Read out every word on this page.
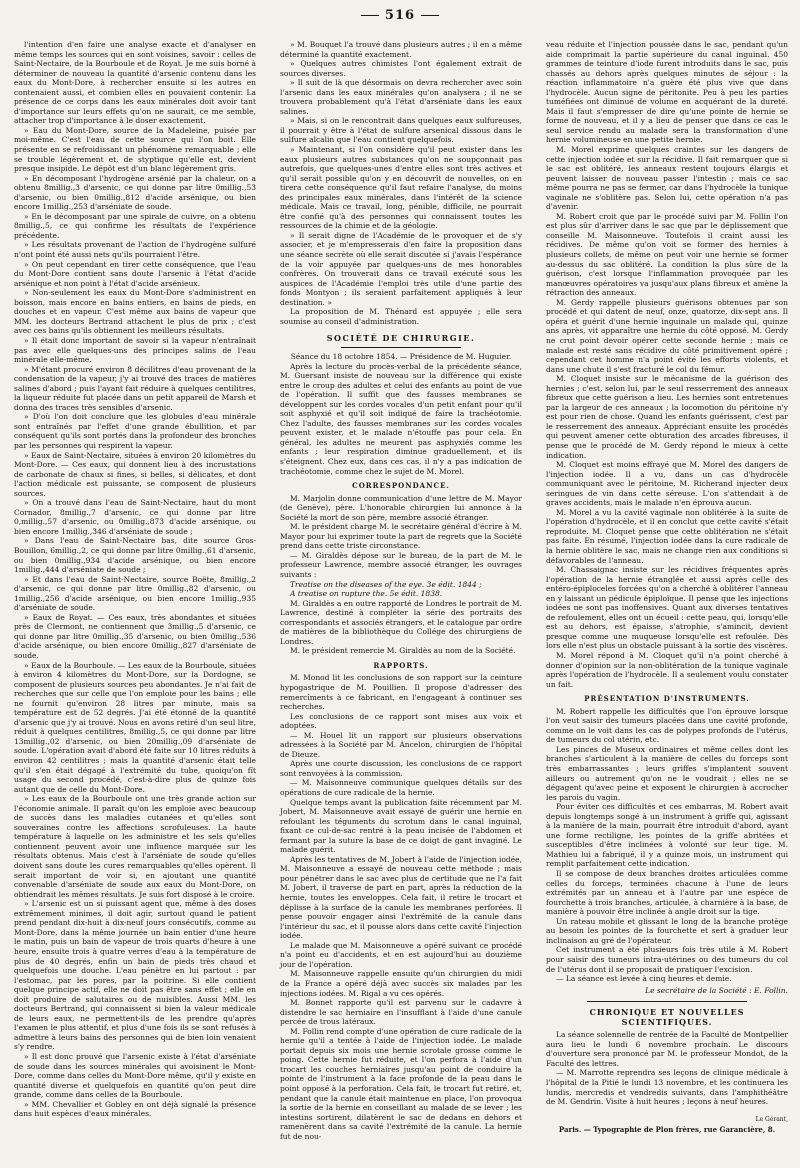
516

l'intention d'en faire une analyse exacte et d'analyser en même temps les sources qui en sont voisines, savoir : celles de Saint-Nectaire, de la Bourboule et de Royat. Je me suis borné à déterminer de nouveau la quantité d'arsenic contenu dans les eaux du Mont-Dore, à rechercher ensuite si les autres en contenaient aussi, et combien elles en pouvaient contenir. La présence de ce corps dans les eaux minérales doit avoir tant d'importance sur leurs effets qu'on ne saurait, ce me semble, attacher trop d'importance à le doser exactement.

» Eau du Mont-Dore, source de la Madeleine, puisée par moi-même. C'est l'eau de cette source qui l'on boit. Elle présente en se refroidissant un phénomène remarquable ; elle se trouble légèrement et, de styptique qu'elle est, devient presque insipide. Le dépôt est d'un blanc légèrement gris.

» En décomposant l'hydrogène arsénié par la chaleur, on a obtenu 8millig.,3 d'arsenic, ce qui donne par litre 0millig.,53 d'arsenic, ou bien 0millig.,812 d'acide arsénique, ou bien encore 1millig.,253 d'arséniate de soude.

» En le décomposant par une spirale de cuivre, on a obtenu 8millig.,5, ce qui confirme les résultats de l'expérience précédente.

» Les résultats provenant de l'action de l'hydrogène sulfuré n'ont point été aussi nets qu'ils pourraient l'être.

» On peut cependant en tirer cette conséquence, que l'eau du Mont-Dore contient sans doute l'arsenic à l'état d'acide arsénique et non point à l'état d'acide arsénieux.

» Non-seulement les eaux du Mont-Dore s'administrent en boisson, mais encore en bains entiers, en bains de pieds, en douches et en vapeur. C'est même aux bains de vapeur que MM. les docteurs Bertrand attachent le plus de prix ; c'est avec ces bains qu'ils obtiennent les meilleurs résultats.

» Il était donc important de savoir si la vapeur n'entraînait pas avec elle quelques-uns des principes salins de l'eau minérale elle-même.

» M'étant procuré environ 8 décilitres d'eau provenant de la condensation de la vapeur, j'y ai trouvé des traces de matières salines d'abord ; puis l'ayant fait réduire à quelques centilitres, la liqueur réduite fut placée dans un petit appareil de Marsh et donna des traces très sensibles d'arsenic.

» D'où l'on doit conclure que les globules d'eau minérale sont entraînés par l'effet d'une grande ébullition, et par conséquent qu'ils sont portés dans la profondeur des bronches par les personnes qui respirent la vapeur.

» Eaux de Saint-Nectaire, situées à environ 20 kilomètres du Mont-Dore. — Ces eaux, qui donnent lieu à des incrustations de carbonate de chaux si fines, si belles, si délicates, et dont l'action médicale est puissante, se composent de plusieurs sources.

» On a trouvé dans l'eau de Saint-Nectaire, haut du mont Cornador, 8millig.,7 d'arsenic, ce qui donne par litre 0,millig.,57 d'arsenic, ou 0millig.,873 d'acide arsénique, ou bien encore 1millig.,346 d'arséniate de soude ;

» Dans l'eau de Saint-Nectaire bas, dite source Gros-Bouillon, 6millig.,2, ce qui donne par litre 0millig.,61 d'arsenic, ou bien 0millig.,934 d'acide arsénique, ou bien encore 1millig.,444 d'arséniate de soude ;

» Et dans l'eau de Saint-Nectaire, source Boëte, 8millig.,2 d'arsenic, ce qui donne par litre 0millig.,82 d'arsenic, ou 1millig.,256 d'acide arsénique, ou bien encore 1millig.,935 d'arséniate de soude.

» Eaux de Royat. — Ces eaux, très abondantes et situées près de Clermont, ne contiennent que 3millig.,5 d'arsenic, ce qui donne par litre 0millig.,35 d'arsenic, ou bien 0millig.,536 d'acide arsénique, ou bien encore 0millig.,827 d'arséniate de soude.

» Eaux de la Bourboule. — Les eaux de la Bourboule, situées à environ 4 kilomètres du Mont-Dore, sur la Dordogne, se composent de plusieurs sources peu abondantes. Je n'ai fait de recherches que sur celle que l'on emploie pour les bains ; elle ne fournit qu'environ 28 litres par minute, mais sa température est de 52 degrés. J'ai été étonné de la quantité d'arsenic que j'y ai trouvé. Nous en avons retiré d'un seul litre, réduit à quelques centilitres, 8millig.,5, ce qui donne par litre 13millig.,02 d'arsenic, ou bien 20millig.,09 d'arséniate de soude. L'opération avait d'abord été faite sur 10 litres réduits à environ 42 centilitres ; mais la quantité d'arsenic était telle qu'il s'en était dégagé à l'extrémité du tube, quoiqu'on fît usage du second procédé, c'est-à-dire plus de quinze fois autant que de celle du Mont-Dore.

» Les eaux de la Bourboule ont une très grande action sur l'économie animale. Il paraît qu'on les emploie avec beaucoup de succès dans les maladies cutanées et qu'elles sont souveraines contre les affections scrofuleuses. La haute température à laquelle on les administre et les sels qu'elles contiennent peuvent avoir une influence marquée sur les résultats obtenus. Mais c'est à l'arséniate de soude qu'elles doivent sans doute les cures remarquables qu'elles opèrent. Il serait important de voir si, en ajoutant une quantité convenable d'arséniate de soude aux eaux du Mont-Dore, on obtiendrait les mêmes résultats. Je suis fort disposé à le croire.

» L'arsenic est un si puissant agent que, même à des doses extrêmement minimes, il doit agir, surtout quand le patient prend pendant dix-huit à dix-neuf jours consécutifs, comme au Mont-Dore, dans la même journée un bain entier d'une heure le matin, puis un bain de vapeur de trois quarts d'heure à une heure, ensuite trois à quatre verres d'eau à la température de plus de 40 degrés, enfin un bain de pieds très chaud et quelquefois une douche. L'eau pénètre en lui partout : par l'estomac, par les pores, par la poitrine. Si elle contient quelque principe actif, elle ne doit pas être sans effet ; elle en doit produire de salutaires ou de nuisibles. Aussi MM. les docteurs Bertrand, qui connaissent si bien la valeur médicale de leurs eaux, ne permettent-ils de les prendre qu'après l'examen le plus attentif, et plus d'une fois ils se sont refusés à admettre à leurs bains des personnes qui de bien loin venaient s'y rendre.

» Il est donc prouvé que l'arsenic existe à l'état d'arséniate de soude dans les sources minérales qui avoisinent le Mont-Dore, comme dans celles du Mont-Dore même, qu'il y existe en quantité diverse et quelquefois en quantité qu'on peut dire grande, comme dans celles de la Bourboule.

» MM. Chevallier et Gobley en ont déjà signalé la présence dans huit espèces d'eaux minérales.

» M. Bouquet l'a trouvé dans plusieurs autres ; il en a même déterminé la quantité exactement.

» Quelques autres chimistes l'ont également extrait de sources diverses.

» Il suit de là que désormais on devra rechercher avec soin l'arsenic dans les eaux minérales qu'on analysera ; il ne se trouvera probablement qu'à l'état d'arséniate dans les eaux salines.

» Mais, si on le rencontrait dans quelques eaux sulfureuses, il pourrait y être à l'état de sulfure arsenical dissous dans le sulfure alcalin que l'eau contient quelquefois.

» Maintenant, si l'on considère qu'il peut exister dans les eaux plusieurs autres substances qu'on ne soupçonnait pas autrefois, que quelques-unes d'entre elles sont très actives et qu'il serait possible qu'on y en découvrît de nouvelles, on en tirera cette conséquence qu'il faut refaire l'analyse, du moins des principales eaux minérales, dans l'intérêt de la science médicale. Mais ce travail, long, pénible, difficile, ne pourrait être confié qu'à des personnes qui connaissent toutes les ressources de la chimie et de la géologie.

» Il serait digne de l'Académie de le provoquer et de s'y associer, et je m'empresserais d'en faire la proposition dans une séance secrète où elle serait discutée si j'avais l'espérance de la voir appuyée par quelques-uns de mes honorables confrères. On trouverait dans ce travail exécuté sous les auspices de l'Académie l'emploi très utile d'une partie des fonds Montyon ; ils seraient parfaitement appliqués à leur destination. »

La proposition de M. Thénard est appuyée ; elle sera soumise au conseil d'administration.

SOCIÉTÉ DE CHIRURGIE.
Séance du 18 octobre 1854. — Présidence de M. Huguier.

Après la lecture du procès-verbal de la précédente séance, M. Guersant insiste de nouveau sur la différence qui existe entre le croup des adultes et celui des enfants au point de vue de l'opération. Il suffit que des fausses membranes se développent sur les cordes vocales d'un petit enfant pour qu'il soit asphyxié et qu'il soit indiqué de faire la trachéotomie. Chez l'adulte, des fausses membranes sur les cordes vocales peuvent exister, et le malade n'étouffe pas pour cela. En général, les adultes ne meurent pas asphyxiés comme les enfants ; leur respiration diminue graduellement, et ils s'éteignent. Chez eux, dans ces cas, il n'y a pas indication de trachéotomie, comme chez le sujet de M. Morel.

CORRESPONDANCE.

M. Marjolin donne communication d'une lettre de M. Mayor (de Genève), père. L'honorable chirurgien lui annonce à la Société la mort de son père, membre associé étranger.

M. le président charge M. le secrétaire général d'écrire à M. Mayor pour lui exprimer toute la part de regrets que la Société prend dans cette triste circonstance.

— M. Giraldès dépose sur le bureau, de la part de M. le professeur Lawrence, membre associé étranger, les ouvrages suivants :

Treatise on the diseases of the eye. 3e édit. 1844 ;

A treatise on rupture the. 5e édit. 1838.

M. Giraldès a en outre rapporté de Londres le portrait de M. Lawrence, destiné à compléter la série des portraits des correspondants et associés étrangers, et le catalogue par ordre de matières de la bibliothèque du Collége des chirurgiens de Londres.

M. le président remercie M. Giraldès au nom de la Société.

RAPPORTS.

M. Monod lit les conclusions de son rapport sur la ceinture hypogastrique de M. Pouillien. Il propose d'adresser des remercîments à ce fabricant, en l'engageant à continuer ses recherches.

Les conclusions de ce rapport sont mises aux voix et adoptées.

— M. Houel lit un rapport sur plusieurs observations adressées à la Société par M. Ancelon, chirurgien de l'hôpital de Dieuze.

Après une courte discussion, les conclusions de ce rapport sont renvoyées à la commission.

— M. Maisonneuve communique quelques détails sur des opérations de cure radicale de la hernie.

Quelque temps avant la publication faite récemment par M. Jobert, M. Maisonneuve avait essayé de guérir une hernie en refoulant les téguments du scrotum dans le canal inguinal, fixant ce cul-de-sac rentré à la peau incisée de l'abdomen et fermant par la suture la base de ce doigt de gant invaginé. Le malade guérit.

Après les tentatives de M. Jobert à l'aide de l'injection iodée, M. Maisonneuve a essayé de nouveau cette méthode ; mais pour pénétrer dans le sac avec plus de certitude que ne l'a fait M. Jobert, il traverse de part en part, après la réduction de la hernie, toutes les enveloppes. Cela fait, il retire le trocart et déplisse à la surface de la canule les membranes perforées. Il pense pouvoir engager ainsi l'extrémité de la canule dans l'intérieur du sac, et il pousse alors dans cette cavité l'injection iodée.

Le malade que M. Maisonneuve a opéré suivant ce procédé n'a point eu d'accidents, et en est aujourd'hui au douzième jour de l'opération.

M. Maisonneuve rappelle ensuite qu'un chirurgien du midi de la France a opéré déjà avec succès six malades par les injections iodées. M. Rigal a vu ces opérés.

M. Bonnet rapporte qu'il est parvenu sur le cadavre à distendre le sac herniaire en l'insufflant à l'aide d'une canule percée de trous latéraux.

M. Follin rend compte d'une opération de cure radicale de la hernie qu'il a tentée à l'aide de l'injection iodée. Le malade portait depuis six mois une hernie scrotale grosse comme le poing. Cette hernie fut réduite, et l'on perfora à l'aide d'un trocart les couches herniaires jusqu'au point de conduire la pointe de l'instrument à la face profonde de la peau dans le point opposé à la perforation. Cela fait, le trocart fut retiré, et, pendant que la canule était maintenue en place, l'on provoqua la sortie de la hernie en conseillant au malade de se lever ; les intestins sortirent, dilatèrent le sac de dedans en dehors et ramenèrent dans sa cavité l'extrémité de la canule. La hernie fut de nou-

veau réduite et l'injection poussée dans le sac, pendant qu'un aide comprimait la partie supérieure du canal inguinal. 450 grammes de teinture d'iode furent introduits dans le sac, puis chassés au dehors après quelques minutes de séjour : la réaction inflammatoire n'a guère été plus vive que dans l'hydrocèle. Aucun signe de péritonite. Peu à peu les parties tuméfiées ont diminué de volume en acquérant de la dureté. Mais il faut s'empresser de dire qu'une pointe de hernie se forme de nouveau, et il y a lieu de penser que dans ce cas le seul service rendu au malade sera la transformation d'une hernie volumineuse en une petite hernie.

M. Morel exprime quelques craintes sur les dangers de cette injection iodée et sur la récidive. Il fait remarquer que si le sac est oblitéré, les anneaux restent toujours élargis et peuvent laisser de nouveau passer l'intestin ; mais ce sac même pourra ne pas se fermer, car dans l'hydrocèle la tunique vaginale ne s'oblitère pas. Selon lui, cette opération n'a pas d'avenir.

M. Robert croit que par le procédé suivi par M. Follin l'on est plus sûr d'arriver dans le sac que par le déplissement que conseille M. Maisonneuve. Toutefois il craint aussi les récidives. De même qu'on voit se former des hernies à plusieurs collets, de même on peut voir une hernie se former au-dessus du sac oblitéré. La condition la plus sûre de la guérison, c'est lorsque l'inflammation provoquée par les manœuvres opératoires va jusqu'aux plans fibreux et amène la rétraction des anneaux.

M. Gerdy rappelle plusieurs guérisons obtenues par son procédé et qui datent de neuf, onze, quatorze, dix-sept ans. Il opéra et guérit d'une hernie inguinale un malade qui, quinze ans après, vit apparaître une hernie du côté opposé. M. Gerdy ne crut point devoir opérer cette seconde hernie ; mais ce malade est resté sans récidive du côté primitivement opéré ; cependant cet homme n'a point évité les efforts violents, et dans une chute il s'est fracturé le col du fémur.

M. Cloquet insiste sur le mécanisme de la guérison des hernies ; c'est, selon lui, par le seul resserrement des anneaux fibreux que cette guérison a lieu. Les hernies sont entretenues par la largeur de ces anneaux ; la locomotion du péritoine n'y est pour rien de chose. Quand les enfants guérissent, c'est par le resserrement des anneaux. Appréciant ensuite les procédés qui peuvent amener cette obturation des arcades fibreuses, il pense que le procédé de M. Gerdy répond le mieux à cette indication.

M. Cloquet est moins effrayé que M. Morel des dangers de l'injection iodée. Il a vu, dans un cas d'hydrocèle communiquant avec le péritoine, M. Richerand injecter deux seringues de vin dans cette séreuse. L'on s'attendait à de graves accidents, mais le malade n'en éprouva aucun.

M. Morel a vu la cavité vaginale non oblitérée à la suite de l'opération d'hydrocèle, et il en conclut que cette cavité s'était reproduite. M. Cloquet pense que cette oblitération ne s'était pas faite. En résumé, l'injection iodée dans la cure radicale de la hernie oblitère le sac, mais ne change rien aux conditions si défavorables de l'anneau.

M. Chassaignac insiste sur les récidives fréquentes après l'opération de la hernie étranglée et aussi après celle des entéro-épiploceles forcées qu'on a cherché à oblitérer l'anneau en y laissant un pédicule épiploïque. Il pense que les injections iodées ne sont pas inoffensives. Quant aux diverses tentatives de refoulement, elles ont un écueil : cette peau, qui, lorsqu'elle est au dehors, est épaisse, s'atrophie, s'amincit, devient presque comme une muqueuse lorsqu'elle est refoulée. Dès lors elle n'est plus un obstacle puissant à la sortie des viscères.

M. Morel répond à M. Cloquet qu'il n'a point cherché à donner d'opinion sur la non-oblitération de la tunique vaginale après l'opération de l'hydrocèle. Il a seulement voulu constater un fait.

PRÉSENTATION D'INSTRUMENTS.

M. Robert rappelle les difficultés que l'on éprouve lorsque l'on veut saisir des tumeurs placées dans une cavité profonde, comme on le voit dans les cas de polypes profonds de l'utérus, de tumeurs du col utérin, etc.

Les pinces de Museux ordinaires et même celles dont les branches s'articulent à la manière de celles du forceps sont très embarrassantes ; leurs griffes s'implantent souvent ailleurs ou autrement qu'on ne le voudrait ; elles ne se dégagent qu'avec peine et exposent le chirurgien à accrocher les parois du vagin.

Pour éviter ces difficultés et ces embarras, M. Robert avait depuis longtemps songé à un instrument à griffe qui, agissant à la manière de la main, pourrait être introduit d'abord, ayant une forme rectiligne, les pointes de la griffe abritées et susceptibles d'être inclinées à volonté sur leur tige. M. Mathieu lui a fabriqué, il y a quinze mois, un instrument qui remplit parfaitement cette indication.

Il se compose de deux branches droites articulées comme celles du forceps, terminées chacune à l'une de leurs extrémités par un anneau et à l'autre par une espèce de fourchette à trois branches, articulée, à charnière à la base, de manière à pouvoir être inclinée à angle droit sur la tige.

Un rateau mobile et glissant le long de la branche protège au besoin les pointes de la fourchette et sert à graduer leur inclinaison au gré de l'opérateur.

Cet instrument a été plusieurs fois très utile à M. Robert pour saisir des tumeurs intra-utérines ou des tumeurs du col de l'utérus dont il se proposait de pratiquer l'excision.

— La séance est levée à cinq heures et demie.

Le secrétaire de la Société : E. Follin.
CHRONIQUE ET NOUVELLES SCIENTIFIQUES.

La séance solennelle de rentrée de la Faculté de Montpellier aura lieu le lundi 6 novembre prochain. Le discours d'ouverture sera prononcé par M. le professeur Mondot, de la Faculté des lettres.

— M. Marrotte reprendra ses leçons de clinique médicale à l'hôpital de la Pitié le lundi 13 novembre, et les continuera les lundis, mercredis et vendredis suivants, dans l'amphithéâtre de M. Gendrin. Visite à huit heures ; leçons à neuf heures.

Le Gérant,
Paris. — Typographie de Plon frères, rue Garancière, 8.
